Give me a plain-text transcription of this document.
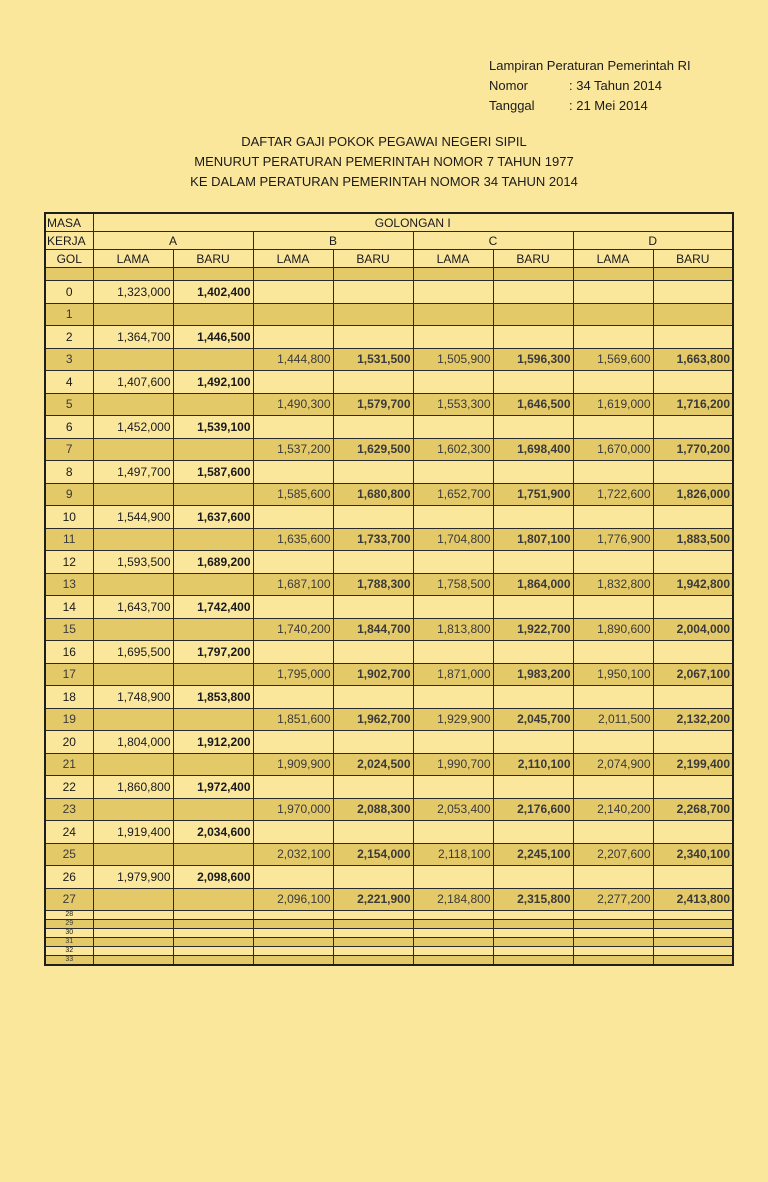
Lampiran Peraturan Pemerintah RI
Nomor	: 34 Tahun 2014
Tanggal	: 21 Mei 2014
DAFTAR GAJI POKOK PEGAWAI NEGERI SIPIL
MENURUT PERATURAN PEMERINTAH NOMOR 7 TAHUN 1977
KE DALAM PERATURAN PEMERINTAH NOMOR 34 TAHUN 2014
MASA	GOLONGAN I							
KERJA	A		B		C		D	
GOL	LAMA	BARU	LAMA	BARU	LAMA	BARU	LAMA	BARU

0	1,323,000	1,402,400						
1								
2	1,364,700	1,446,500						
3			1,444,800	1,531,500	1,505,900	1,596,300	1,569,600	1,663,800
4	1,407,600	1,492,100						
5			1,490,300	1,579,700	1,553,300	1,646,500	1,619,000	1,716,200
6	1,452,000	1,539,100						
7			1,537,200	1,629,500	1,602,300	1,698,400	1,670,000	1,770,200
8	1,497,700	1,587,600						
9			1,585,600	1,680,800	1,652,700	1,751,900	1,722,600	1,826,000
10	1,544,900	1,637,600						
11			1,635,600	1,733,700	1,704,800	1,807,100	1,776,900	1,883,500
12	1,593,500	1,689,200						
13			1,687,100	1,788,300	1,758,500	1,864,000	1,832,800	1,942,800
14	1,643,700	1,742,400						
15			1,740,200	1,844,700	1,813,800	1,922,700	1,890,600	2,004,000
16	1,695,500	1,797,200						
17			1,795,000	1,902,700	1,871,000	1,983,200	1,950,100	2,067,100
18	1,748,900	1,853,800						
19			1,851,600	1,962,700	1,929,900	2,045,700	2,011,500	2,132,200
20	1,804,000	1,912,200						
21			1,909,900	2,024,500	1,990,700	2,110,100	2,074,900	2,199,400
22	1,860,800	1,972,400						
23			1,970,000	2,088,300	2,053,400	2,176,600	2,140,200	2,268,700
24	1,919,400	2,034,600						
25			2,032,100	2,154,000	2,118,100	2,245,100	2,207,600	2,340,100
26	1,979,900	2,098,600						
27			2,096,100	2,221,900	2,184,800	2,315,800	2,277,200	2,413,800
28								
29								
30								
31								
32								
33								
